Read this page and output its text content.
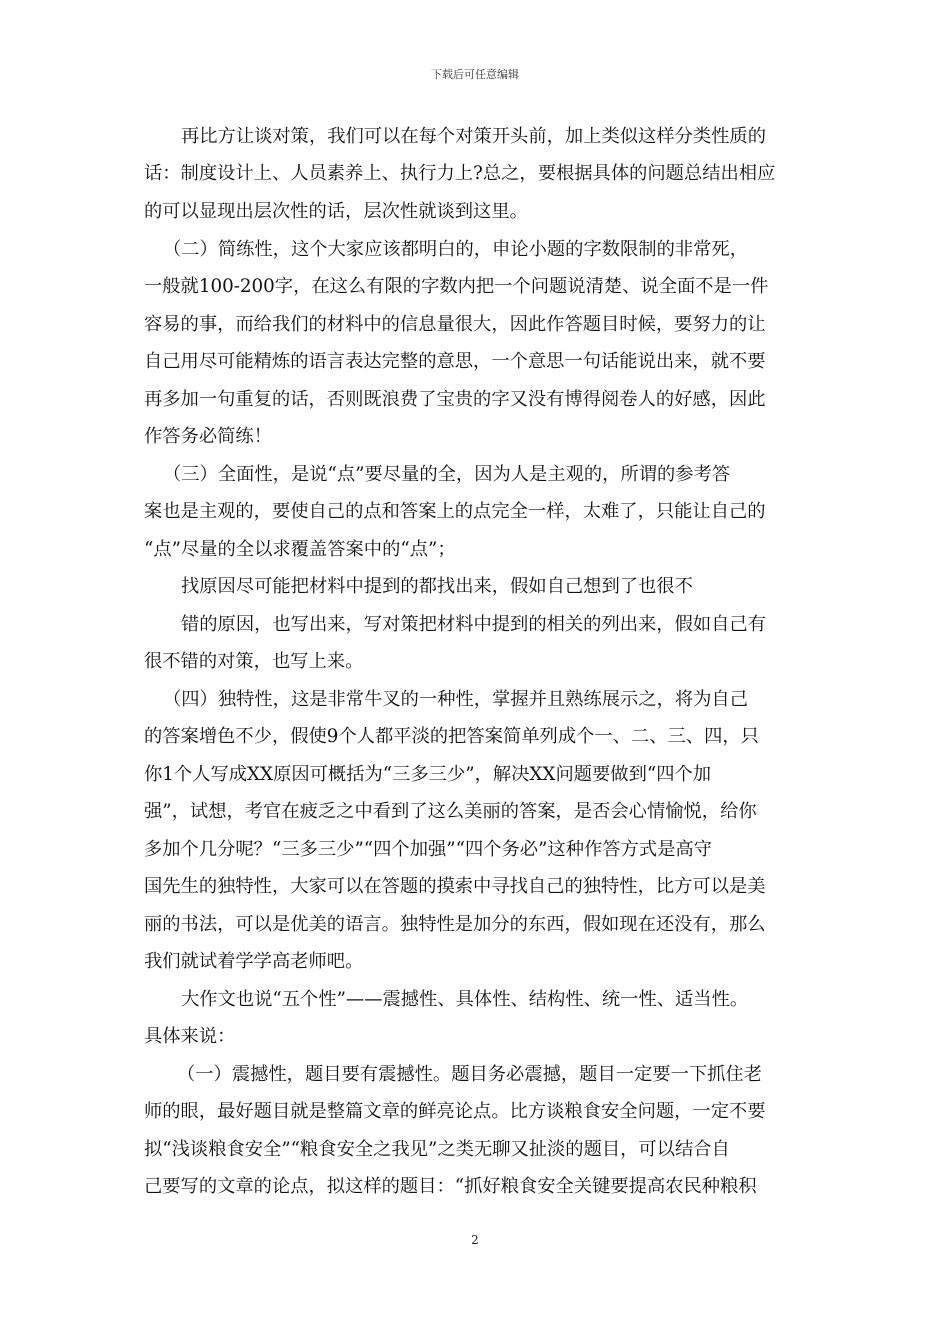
下载后可任意编辑
再比方让谈对策，我们可以在每个对策开头前，加上类似这样分类性质的
话：制度设计上、人员素养上、执行力上?总之，要根据具体的问题总结出相应
的可以显现出层次性的话，层次性就谈到这里。
（二）简练性，这个大家应该都明白的，申论小题的字数限制的非常死，
一般就100-200字，在这么有限的字数内把一个问题说清楚、说全面不是一件
容易的事，而给我们的材料中的信息量很大，因此作答题目时候，要努力的让
自己用尽可能精炼的语言表达完整的意思，一个意思一句话能说出来，就不要
再多加一句重复的话，否则既浪费了宝贵的字又没有博得阅卷人的好感，因此
作答务必简练！
（三）全面性，是说“点”要尽量的全，因为人是主观的，所谓的参考答
案也是主观的，要使自己的点和答案上的点完全一样，太难了，只能让自己的
“点”尽量的全以求覆盖答案中的“点”；
找原因尽可能把材料中提到的都找出来，假如自己想到了也很不
错的原因，也写出来，写对策把材料中提到的相关的列出来，假如自己有
很不错的对策，也写上来。
（四）独特性，这是非常牛叉的一种性，掌握并且熟练展示之，将为自己
的答案增色不少，假使9个人都平淡的把答案简单列成个一、二、三、四，只
你1个人写成XX原因可概括为“三多三少”，解决XX问题要做到“四个加
强”，试想，考官在疲乏之中看到了这么美丽的答案，是否会心情愉悦，给你
多加个几分呢？“三多三少”“四个加强”“四个务必”这种作答方式是高守
国先生的独特性，大家可以在答题的摸索中寻找自己的独特性，比方可以是美
丽的书法，可以是优美的语言。独特性是加分的东西，假如现在还没有，那么
我们就试着学学高老师吧。
大作文也说“五个性”——震撼性、具体性、结构性、统一性、适当性。
具体来说：
（一）震撼性，题目要有震撼性。题目务必震撼，题目一定要一下抓住老
师的眼，最好题目就是整篇文章的鲜亮论点。比方谈粮食安全问题，一定不要
拟“浅谈粮食安全”“粮食安全之我见”之类无聊又扯淡的题目，可以结合自
己要写的文章的论点，拟这样的题目：“抓好粮食安全关键要提高农民种粮积
2
